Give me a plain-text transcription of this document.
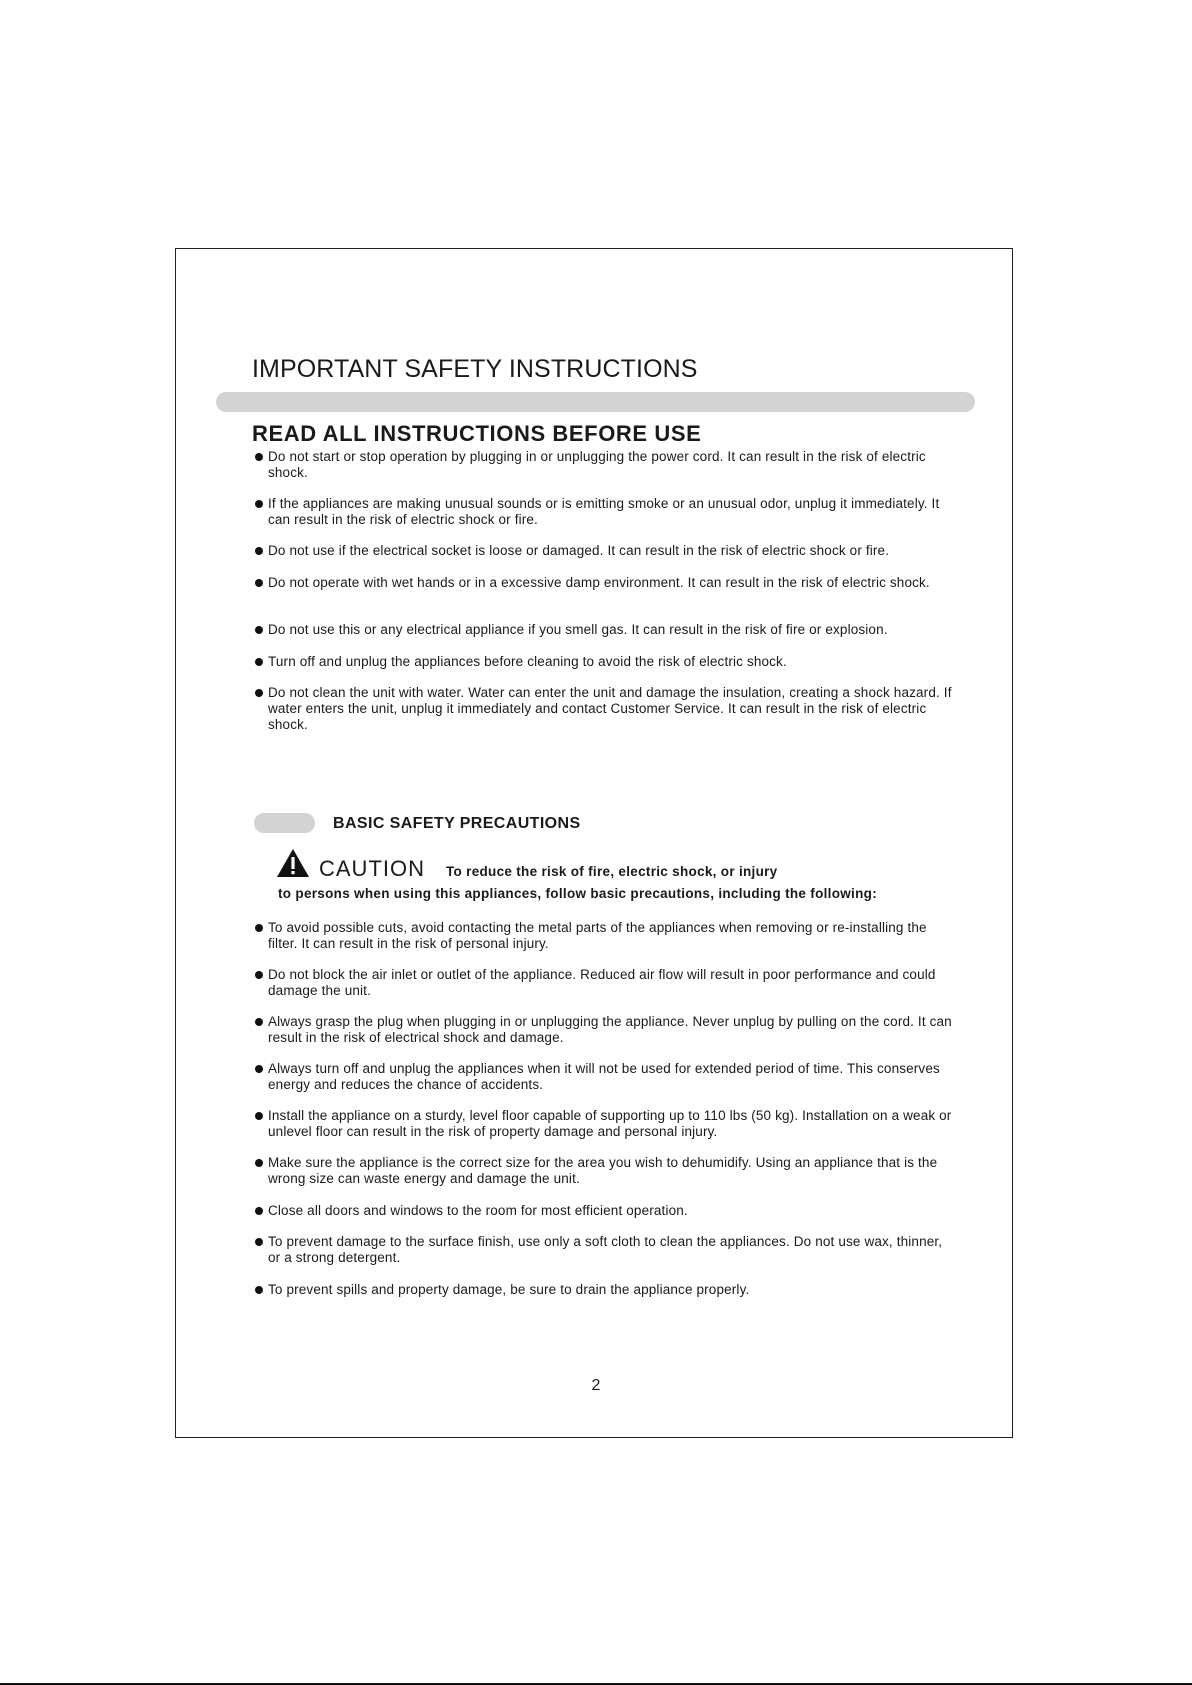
IMPORTANT SAFETY INSTRUCTIONS
READ ALL INSTRUCTIONS BEFORE USE
Do not start or stop operation by plugging in or unplugging the power cord. It can result in the risk of electric shock.
If the appliances are making unusual sounds or is emitting smoke or an unusual odor, unplug it immediately. It can result in the risk of electric shock or fire.
Do not use if the electrical socket is loose or damaged. It can result in the risk of electric shock or fire.
Do not operate with wet hands or in a excessive damp environment. It can result in the risk of electric shock.
Do not use this or any electrical appliance if you smell gas. It can result in the risk of fire or explosion.
Turn off and unplug the appliances before cleaning to avoid the risk of electric shock.
Do not clean the unit with water. Water can enter the unit and damage the insulation, creating a shock hazard. If water enters the unit, unplug it immediately and contact Customer Service. It can result in the risk of electric shock.
BASIC SAFETY PRECAUTIONS
CAUTION To reduce the risk of fire, electric shock, or injury
to persons when using this appliances, follow basic precautions, including the following:
To avoid possible cuts, avoid contacting the metal parts of the appliances when removing or re-installing the filter. It can result in the risk of personal injury.
Do not block the air inlet or outlet of the appliance. Reduced air flow will result in poor performance and could damage the unit.
Always grasp the plug when plugging in or unplugging the appliance. Never unplug by pulling on the cord. It can result in the risk of electrical shock and damage.
Always turn off and unplug the appliances when it will not be used for extended period of time. This conserves energy and reduces the chance of accidents.
Install the appliance on a sturdy, level floor capable of supporting up to 110 lbs (50 kg). Installation on a weak or unlevel floor can result in the risk of property damage and personal injury.
Make sure the appliance is the correct size for the area you wish to dehumidify. Using an appliance that is the wrong size can waste energy and damage the unit.
Close all doors and windows to the room for most efficient operation.
To prevent damage to the surface finish, use only a soft cloth to clean the appliances. Do not use wax, thinner, or a strong detergent.
To prevent spills and property damage, be sure to drain the appliance properly.
2
